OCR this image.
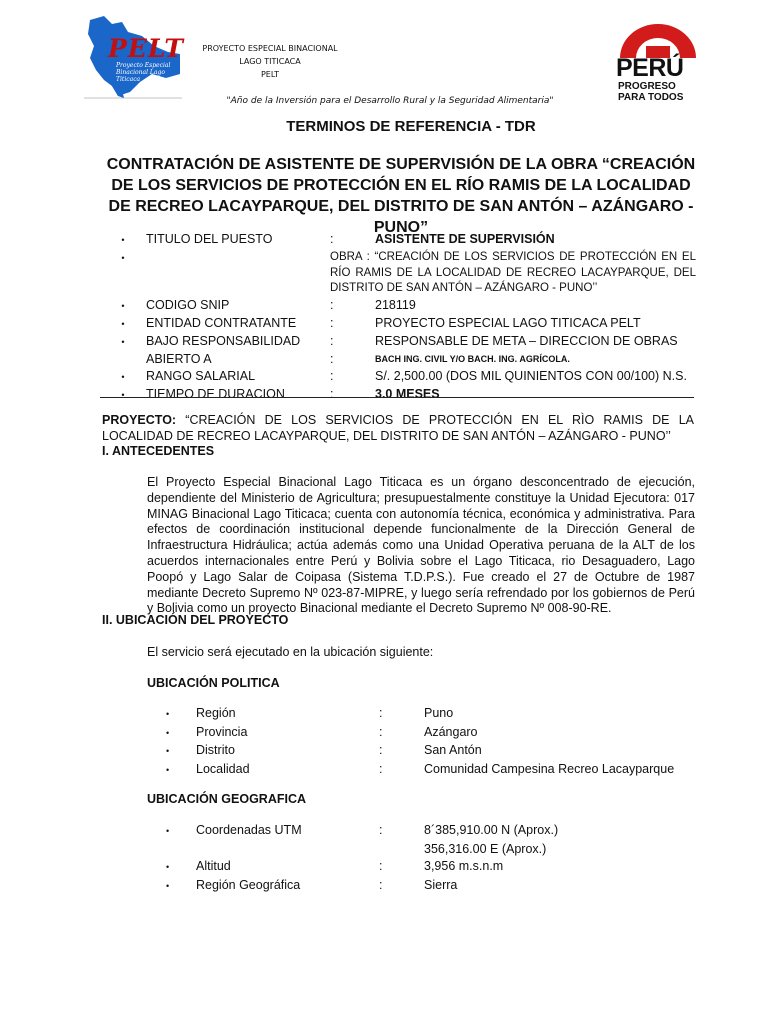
PELT
Proyecto Especial Binacional Lago Titicaca
PROYECTO ESPECIAL BINACIONAL
LAGO TITICACA
PELT	PERÚ
PROGRESO
PARA TODOS
"Año de la Inversión para el Desarrollo Rural y la Seguridad Alimentaria"
TERMINOS DE REFERENCIA - TDR
CONTRATACIÓN DE ASISTENTE DE SUPERVISIÓN DE LA OBRA “CREACIÓN DE LOS SERVICIOS DE PROTECCIÓN EN EL RÍO RAMIS DE LA LOCALIDAD DE RECREO LACAYPARQUE, DEL DISTRITO DE SAN ANTÓN – AZÁNGARO - PUNO”
•	TITULO DEL PUESTO	:	ASISTENTE DE SUPERVISIÓN
•	OBRA : “CREACIÓN DE LOS SERVICIOS DE PROTECCIÓN EN EL RÍO RAMIS DE LA LOCALIDAD DE RECREO LACAYPARQUE, DEL DISTRITO DE SAN ANTÓN – AZÁNGARO - PUNO’’
•	CODIGO SNIP	:	218119
•	ENTIDAD CONTRATANTE	:	PROYECTO ESPECIAL LAGO TITICACA PELT
•	BAJO RESPONSABILIDAD	:	RESPONSABLE DE META – DIRECCION DE OBRAS
ABIERTO A	:	BACH ING. CIVIL Y/O BACH. ING. AGRÍCOLA.
•	RANGO SALARIAL	:	S/. 2,500.00 (DOS MIL QUINIENTOS CON 00/100) N.S.
•	TIEMPO DE DURACION	:	3.0 MESES
PROYECTO: “CREACIÓN DE LOS SERVICIOS DE PROTECCIÓN EN EL RÌO RAMIS DE LA LOCALIDAD DE RECREO LACAYPARQUE, DEL DISTRITO DE SAN ANTÓN – AZÁNGARO - PUNO’’
I. ANTECEDENTES
El Proyecto Especial Binacional Lago Titicaca es un órgano desconcentrado de ejecución, dependiente del Ministerio de Agricultura; presupuestalmente constituye la Unidad Ejecutora: 017 MINAG Binacional Lago Titicaca; cuenta con autonomía técnica, económica y administrativa. Para efectos de coordinación institucional depende funcionalmente de la Dirección General de Infraestructura Hidráulica; actúa además como una Unidad Operativa peruana de la ALT de los acuerdos internacionales entre Perú y Bolivia sobre el Lago Titicaca, rio Desaguadero, Lago Poopó y Lago Salar de Coipasa (Sistema T.D.P.S.). Fue creado el 27 de Octubre de 1987 mediante Decreto Supremo Nº 023-87-MIPRE, y luego sería refrendado por los gobiernos de Perú y Bolivia como un proyecto Binacional mediante el Decreto Supremo Nº 008-90-RE.
II. UBICACIÓN DEL PROYECTO
El servicio será ejecutado en la ubicación siguiente:
UBICACIÓN POLITICA
•	Región	:	Puno
•	Provincia	:	Azángaro
•	Distrito	:	San Antón
•	Localidad	:	Comunidad Campesina Recreo Lacayparque
UBICACIÓN GEOGRAFICA
•	Coordenadas UTM	:	8´385,910.00 N (Aprox.)
356,316.00 E (Aprox.)
•	Altitud	:	3,956 m.s.n.m
•	Región Geográfica	:	Sierra
